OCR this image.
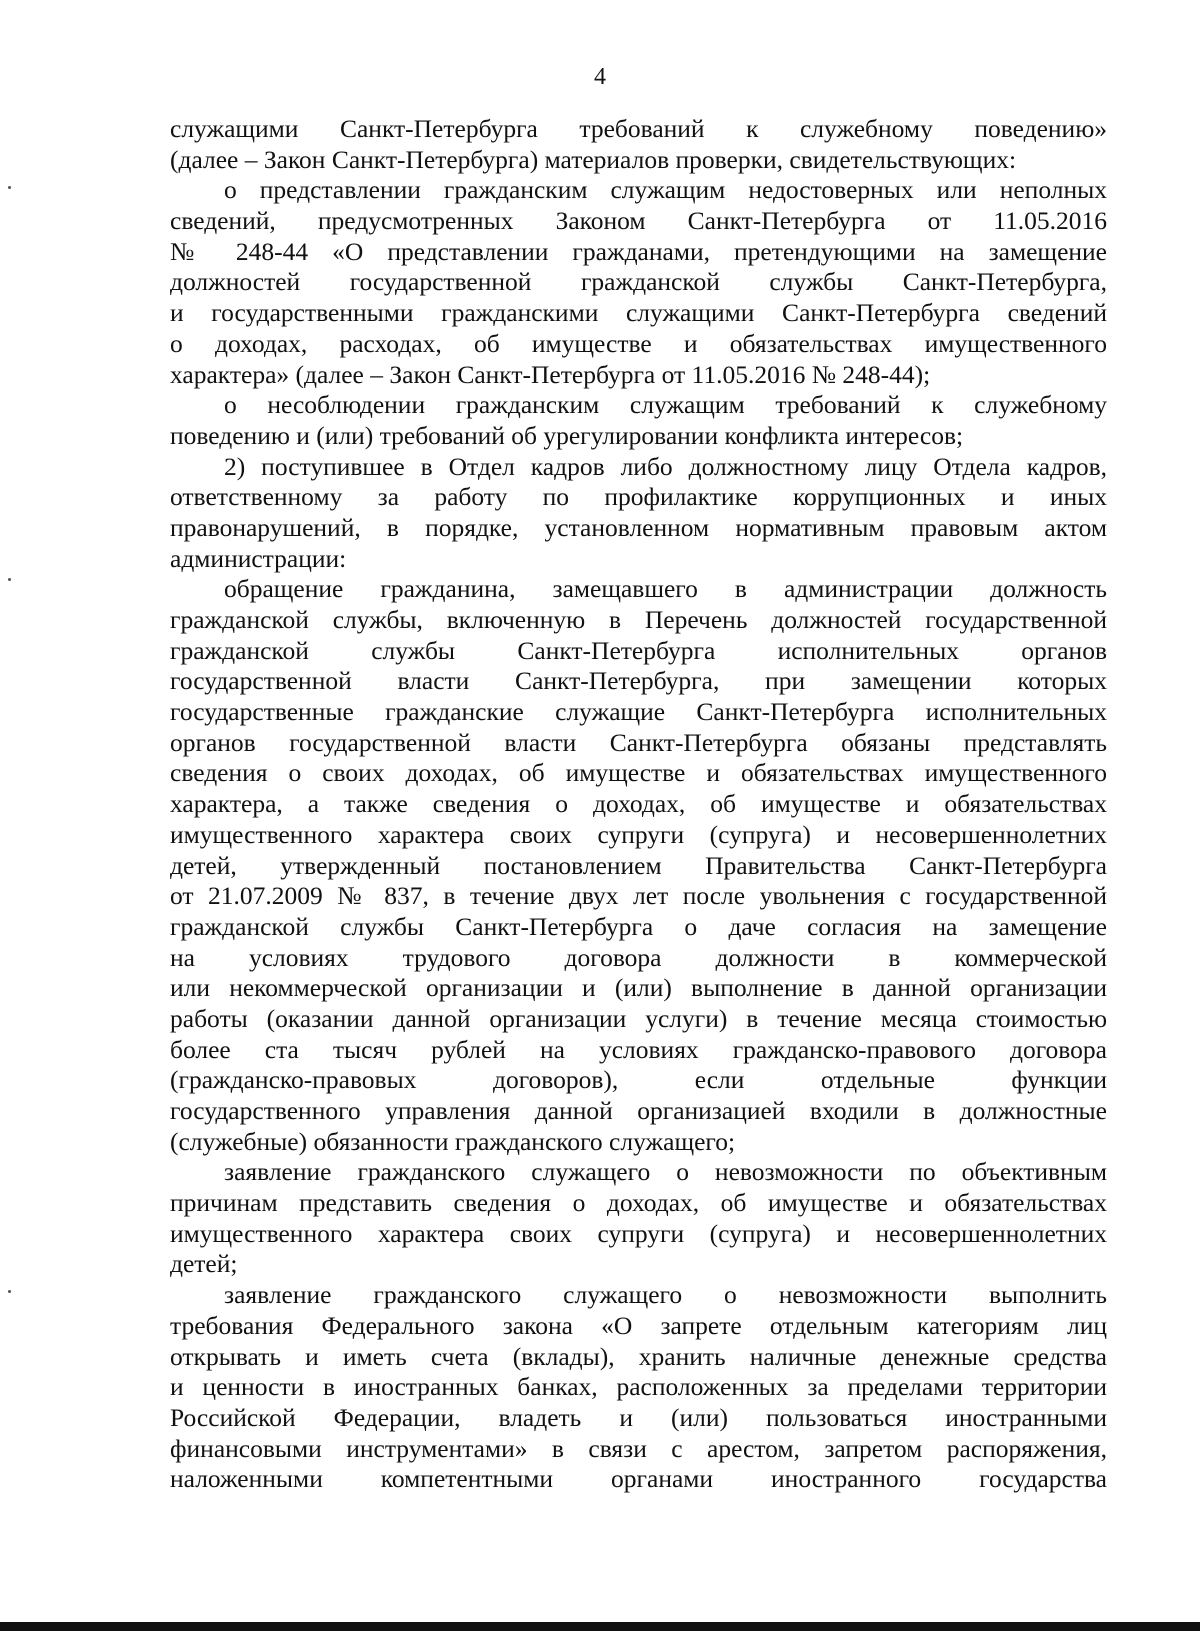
4
служащими Санкт-Петербурга требований к служебному поведению»
(далее – Закон Санкт-Петербурга) материалов проверки, свидетельствующих:
о представлении гражданским служащим недостоверных или неполных
сведений, предусмотренных Законом Санкт-Петербурга от 11.05.2016
№ 248-44 «О представлении гражданами, претендующими на замещение
должностей государственной гражданской службы Санкт-Петербурга,
и государственными гражданскими служащими Санкт-Петербурга сведений
о доходах, расходах, об имуществе и обязательствах имущественного
характера» (далее – Закон Санкт-Петербурга от 11.05.2016 № 248-44);
о несоблюдении гражданским служащим требований к служебному
поведению и (или) требований об урегулировании конфликта интересов;
2) поступившее в Отдел кадров либо должностному лицу Отдела кадров,
ответственному за работу по профилактике коррупционных и иных
правонарушений, в порядке, установленном нормативным правовым актом
администрации:
обращение гражданина, замещавшего в администрации должность
гражданской службы, включенную в Перечень должностей государственной
гражданской службы Санкт-Петербурга исполнительных органов
государственной власти Санкт-Петербурга, при замещении которых
государственные гражданские служащие Санкт-Петербурга исполнительных
органов государственной власти Санкт-Петербурга обязаны представлять
сведения о своих доходах, об имуществе и обязательствах имущественного
характера, а также сведения о доходах, об имуществе и обязательствах
имущественного характера своих супруги (супруга) и несовершеннолетних
детей, утвержденный постановлением Правительства Санкт-Петербурга
от 21.07.2009 № 837, в течение двух лет после увольнения с государственной
гражданской службы Санкт-Петербурга о даче согласия на замещение
на условиях трудового договора должности в коммерческой
или некоммерческой организации и (или) выполнение в данной организации
работы (оказании данной организации услуги) в течение месяца стоимостью
более ста тысяч рублей на условиях гражданско-правового договора
(гражданско-правовых договоров), если отдельные функции
государственного управления данной организацией входили в должностные
(служебные) обязанности гражданского служащего;
заявление гражданского служащего о невозможности по объективным
причинам представить сведения о доходах, об имуществе и обязательствах
имущественного характера своих супруги (супруга) и несовершеннолетних
детей;
заявление гражданского служащего о невозможности выполнить
требования Федерального закона «О запрете отдельным категориям лиц
открывать и иметь счета (вклады), хранить наличные денежные средства
и ценности в иностранных банках, расположенных за пределами территории
Российской Федерации, владеть и (или) пользоваться иностранными
финансовыми инструментами» в связи с арестом, запретом распоряжения,
наложенными компетентными органами иностранного государства
